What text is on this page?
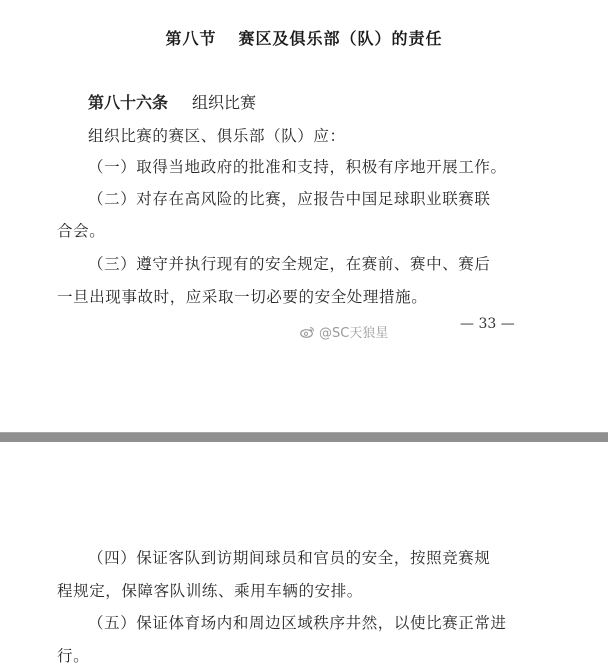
第八节 赛区及俱乐部（队）的责任
第八十六条 组织比赛
组织比赛的赛区、俱乐部（队）应：
（一）取得当地政府的批准和支持，积极有序地开展工作。
（二）对存在高风险的比赛，应报告中国足球职业联赛联
合会。
（三）遵守并执行现有的安全规定，在赛前、赛中、赛后
一旦出现事故时，应采取一切必要的安全处理措施。
@SC天狼星
— 33 —
（四）保证客队到访期间球员和官员的安全，按照竞赛规
程规定，保障客队训练、乘用车辆的安排。
（五）保证体育场内和周边区域秩序井然，以使比赛正常进
行。
